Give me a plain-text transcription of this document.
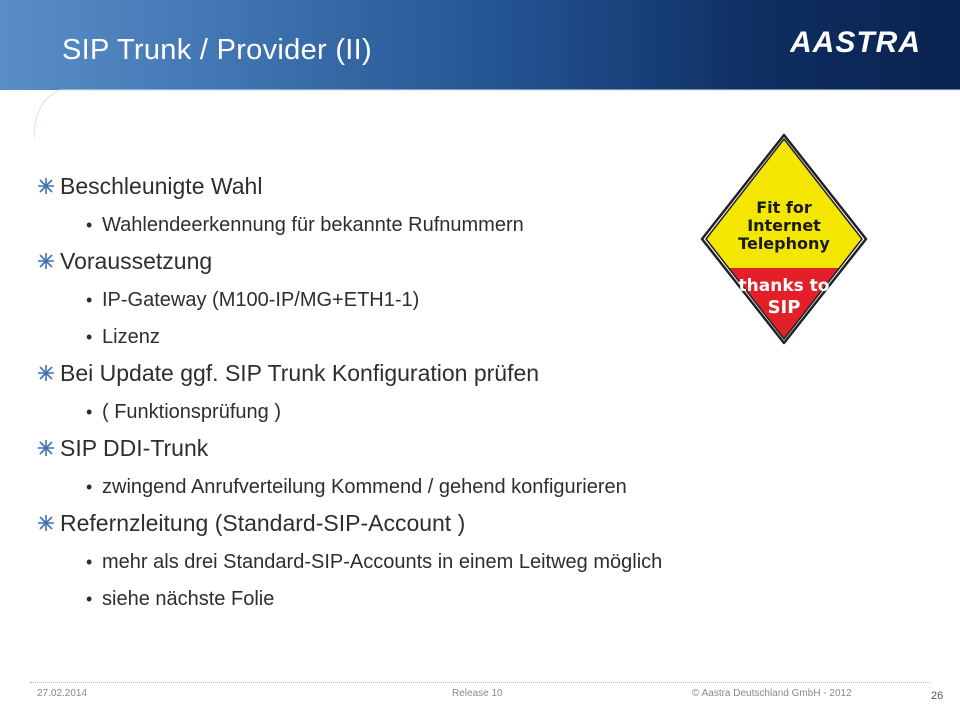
SIP Trunk / Provider (II)	AASTRA
Beschleunigte Wahl
• Wahlendeerkennung für bekannte Rufnummern
Voraussetzung
• IP-Gateway (M100-IP/MG+ETH1-1)
• Lizenz
Bei Update ggf. SIP Trunk Konfiguration prüfen
• ( Funktionsprüfung )
SIP DDI-Trunk
• zwingend Anrufverteilung Kommend / gehend konfigurieren
Refernzleitung (Standard-SIP-Account )
• mehr als drei Standard-SIP-Accounts in einem Leitweg möglich
• siehe nächste Folie
Fit for
Internet
Telephony
thanks to
SIP
27.02.2014	Release 10	© Aastra Deutschland GmbH - 2012	26
